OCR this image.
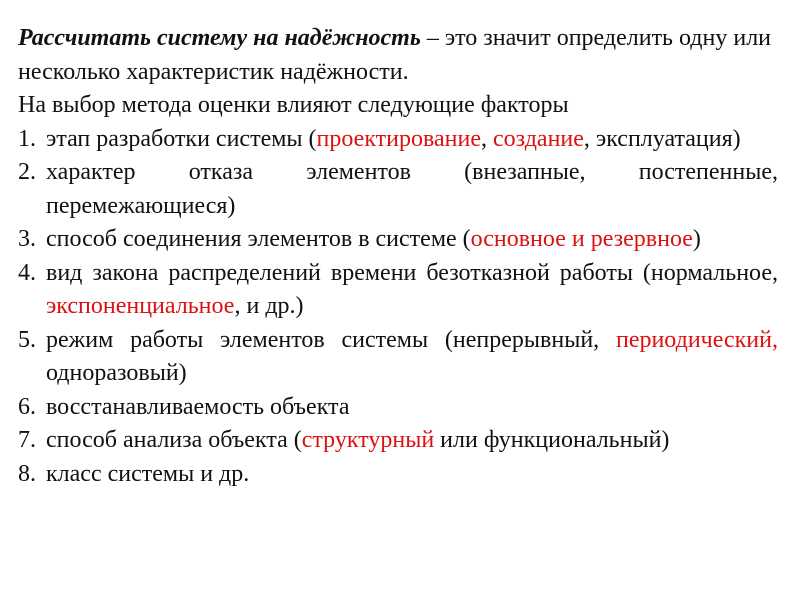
Рассчитать систему на надёжность – это значит определить одну или несколько характеристик надёжности.

На выбор метода оценки влияют следующие факторы

1. этап разработки системы (проектирование, создание, эксплуатация)
2. характер отказа элементов (внезапные, постепенные, перемежающиеся)
3. способ соединения элементов в системе (основное и резервное)
4. вид закона распределений времени безотказной работы (нормальное, экспоненциальное, и др.)
5. режим работы элементов системы (непрерывный, периодический, одноразовый)
6. восстанавливаемость объекта
7. способ анализа объекта (структурный или функциональный)
8. класс системы и др.
